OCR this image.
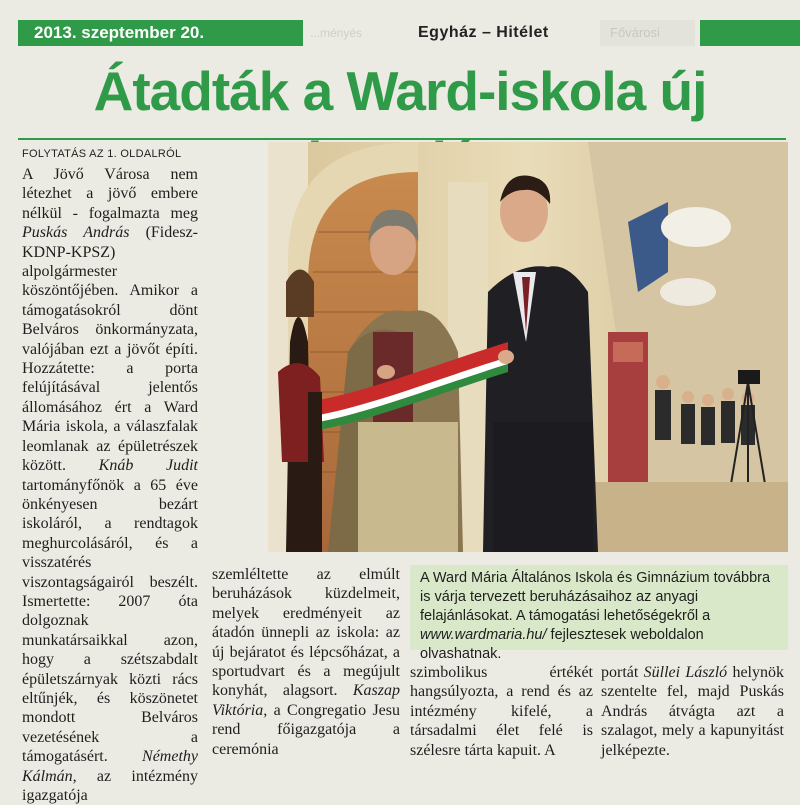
2013. szeptember 20.	...ményés	Egyház – Hitélet	Fővárosi
Átadták a Ward-iskola új
FOLYTATÁS AZ 1. OLDALRÓL

A Jövő Városa nem létezhet a jövő embere nélkül - fogalmazta meg Puskás András (Fidesz-KDNP-KPSZ) alpolgármester köszöntőjében. Amikor a támogatásokról dönt Belváros önkormányzata, valójában ezt a jövőt építi. Hozzátette: a porta felújításával jelentős állomásához ért a Ward Mária iskola, a válaszfalak leomlanak az épületrészek között. Knáb Judit tartományfőnök a 65 éve önkényesen bezárt iskoláról, a rendtagok meghurcolásáról, és a visszatérés viszontagságairól beszélt. Ismertette: 2007 óta dolgoznak munkatársaikkal azon, hogy a szétszabdalt épületszárnyak közti rács eltűnjék, és köszönetet mondott Belváros vezetésének a támogatásért. Némethy Kálmán, az intézmény igazgatója

szemléltette az elmúlt beruházások küzdelmeit, melyek eredményeit az átadón ünnepli az iskola: az új bejáratot és lépcsőházat, a sportudvart és a megújult konyhát, alagsort. Kaszap Viktória, a Congregatio Jesu rend főigazgatója a ceremónia

A Ward Mária Általános Iskola és Gimnázium továbbra is várja tervezett beruházásaihoz az anyagi felajánlásokat. A támogatási lehetőségekről a www.wardmaria.hu/ fejlesztesek weboldalon olvashatnak.

szimbolikus értékét hangsúlyozta, a rend és az intézmény kifelé, a társadalmi élet felé is szélesre tárta kapuit. A

portát Süllei László helynök szentelte fel, majd Puskás András átvágta azt a szalagot, mely a kapunyitást jelképezte.
